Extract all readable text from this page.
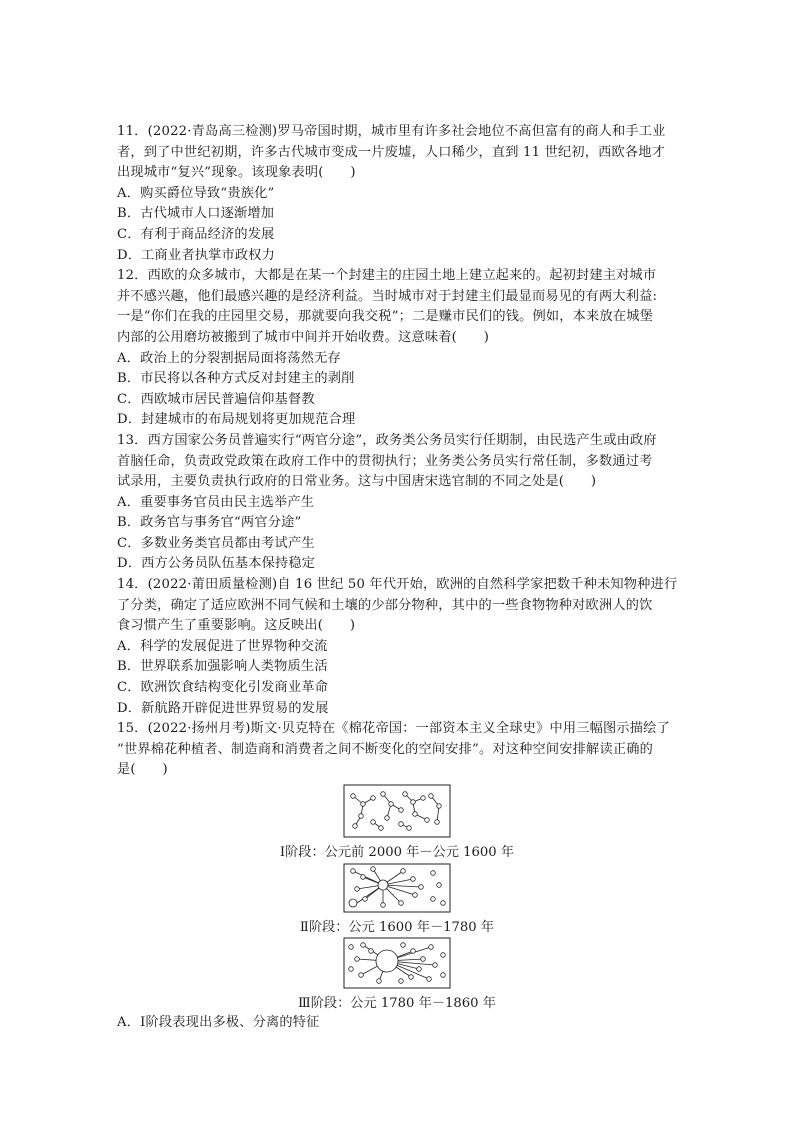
11．(2022·青岛高三检测)罗马帝国时期，城市里有许多社会地位不高但富有的商人和手工业
者，到了中世纪初期，许多古代城市变成一片废墟，人口稀少，直到 11 世纪初，西欧各地才
出现城市“复兴”现象。该现象表明(　　)
A．购买爵位导致“贵族化”
B．古代城市人口逐渐增加
C．有利于商品经济的发展
D．工商业者执掌市政权力
12．西欧的众多城市，大都是在某一个封建主的庄园土地上建立起来的。起初封建主对城市
并不感兴趣，他们最感兴趣的是经济利益。当时城市对于封建主们最显而易见的有两大利益:
一是“你们在我的庄园里交易，那就要向我交税”；二是赚市民们的钱。例如，本来放在城堡
内部的公用磨坊被搬到了城市中间并开始收费。这意味着(　　)
A．政治上的分裂割据局面将荡然无存
B．市民将以各种方式反对封建主的剥削
C．西欧城市居民普遍信仰基督教
D．封建城市的布局规划将更加规范合理
13．西方国家公务员普遍实行“两官分途”，政务类公务员实行任期制，由民选产生或由政府
首脑任命，负责政党政策在政府工作中的贯彻执行；业务类公务员实行常任制，多数通过考
试录用，主要负责执行政府的日常业务。这与中国唐宋选官制的不同之处是(　　)
A．重要事务官员由民主选举产生
B．政务官与事务官“两官分途”
C．多数业务类官员都由考试产生
D．西方公务员队伍基本保持稳定
14．(2022·莆田质量检测)自 16 世纪 50 年代开始，欧洲的自然科学家把数千种未知物种进行
了分类，确定了适应欧洲不同气候和土壤的少部分物种，其中的一些食物物种对欧洲人的饮
食习惯产生了重要影响。这反映出(　　)
A．科学的发展促进了世界物种交流
B．世界联系加强影响人类物质生活
C．欧洲饮食结构变化引发商业革命
D．新航路开辟促进世界贸易的发展
15．(2022·扬州月考)斯文·贝克特在《棉花帝国：一部资本主义全球史》中用三幅图示描绘了
“世界棉花种植者、制造商和消费者之间不断变化的空间安排”。对这种空间安排解读正确的
是(　　)
Ⅰ阶段：公元前 2000 年－公元 1600 年
Ⅱ阶段：公元 1600 年－1780 年
Ⅲ阶段：公元 1780 年－1860 年
A．Ⅰ阶段表现出多极、分离的特征
